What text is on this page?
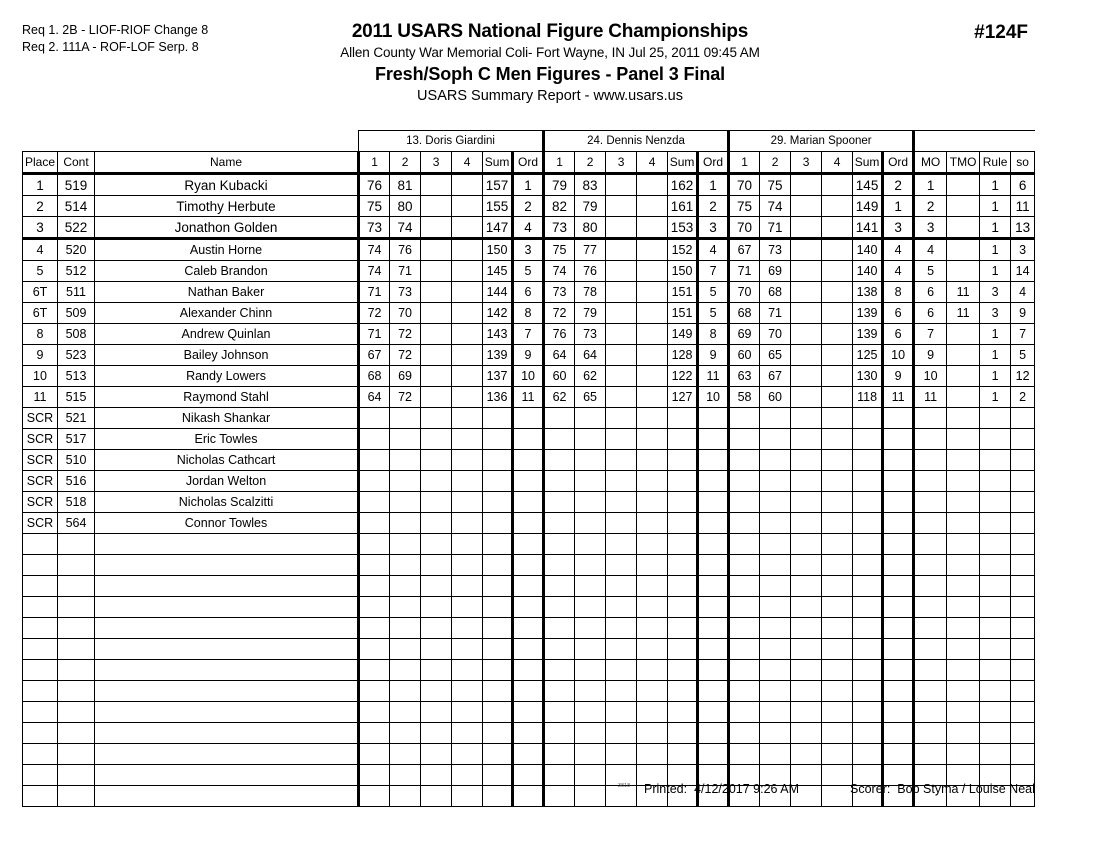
Req 1. 2B - LIOF-RIOF Change 8
Req 2. 111A - ROF-LOF Serp. 8
2011 USARS National Figure Championships
Allen County War Memorial Coli- Fort Wayne, IN Jul 25, 2011 09:45 AM
Fresh/Soph C Men Figures - Panel 3 Final
USARS Summary Report - www.usars.us
#124F
			13. Doris Giardini						24. Dennis Nenzda						29. Marian Spooner									
Place	Cont	Name	1	2	3	4	Sum	Ord	1	2	3	4	Sum	Ord	1	2	3	4	Sum	Ord	MO	TMO	Rule	so
1	519	Ryan Kubacki	76	81			157	1	79	83			162	1	70	75			145	2	1		1	6
2	514	Timothy Herbute	75	80			155	2	82	79			161	2	75	74			149	1	2		1	11
3	522	Jonathon Golden	73	74			147	4	73	80			153	3	70	71			141	3	3		1	13
4	520	Austin Horne	74	76			150	3	75	77			152	4	67	73			140	4	4		1	3
5	512	Caleb Brandon	74	71			145	5	74	76			150	7	71	69			140	4	5		1	14
6T	511	Nathan Baker	71	73			144	6	73	78			151	5	70	68			138	8	6	11	3	4
6T	509	Alexander Chinn	72	70			142	8	72	79			151	5	68	71			139	6	6	11	3	9
8	508	Andrew Quinlan	71	72			143	7	76	73			149	8	69	70			139	6	7		1	7
9	523	Bailey Johnson	67	72			139	9	64	64			128	9	60	65			125	10	9		1	5
10	513	Randy Lowers	68	69			137	10	60	62			122	11	63	67			130	9	10		1	12
11	515	Raymond Stahl	64	72			136	11	62	65			127	10	58	60			118	11	11		1	2
SCR	521	Nikash Shankar																						
SCR	517	Eric Towles																						
SCR	510	Nicholas Cathcart																						
SCR	516	Jordan Welton																						
SCR	518	Nicholas Scalzitti																						
SCR	564	Connor Towles																						

3818 Printed: 4/12/2017 9:26 AM	Scorer: Bob Styma / Louise Neal
